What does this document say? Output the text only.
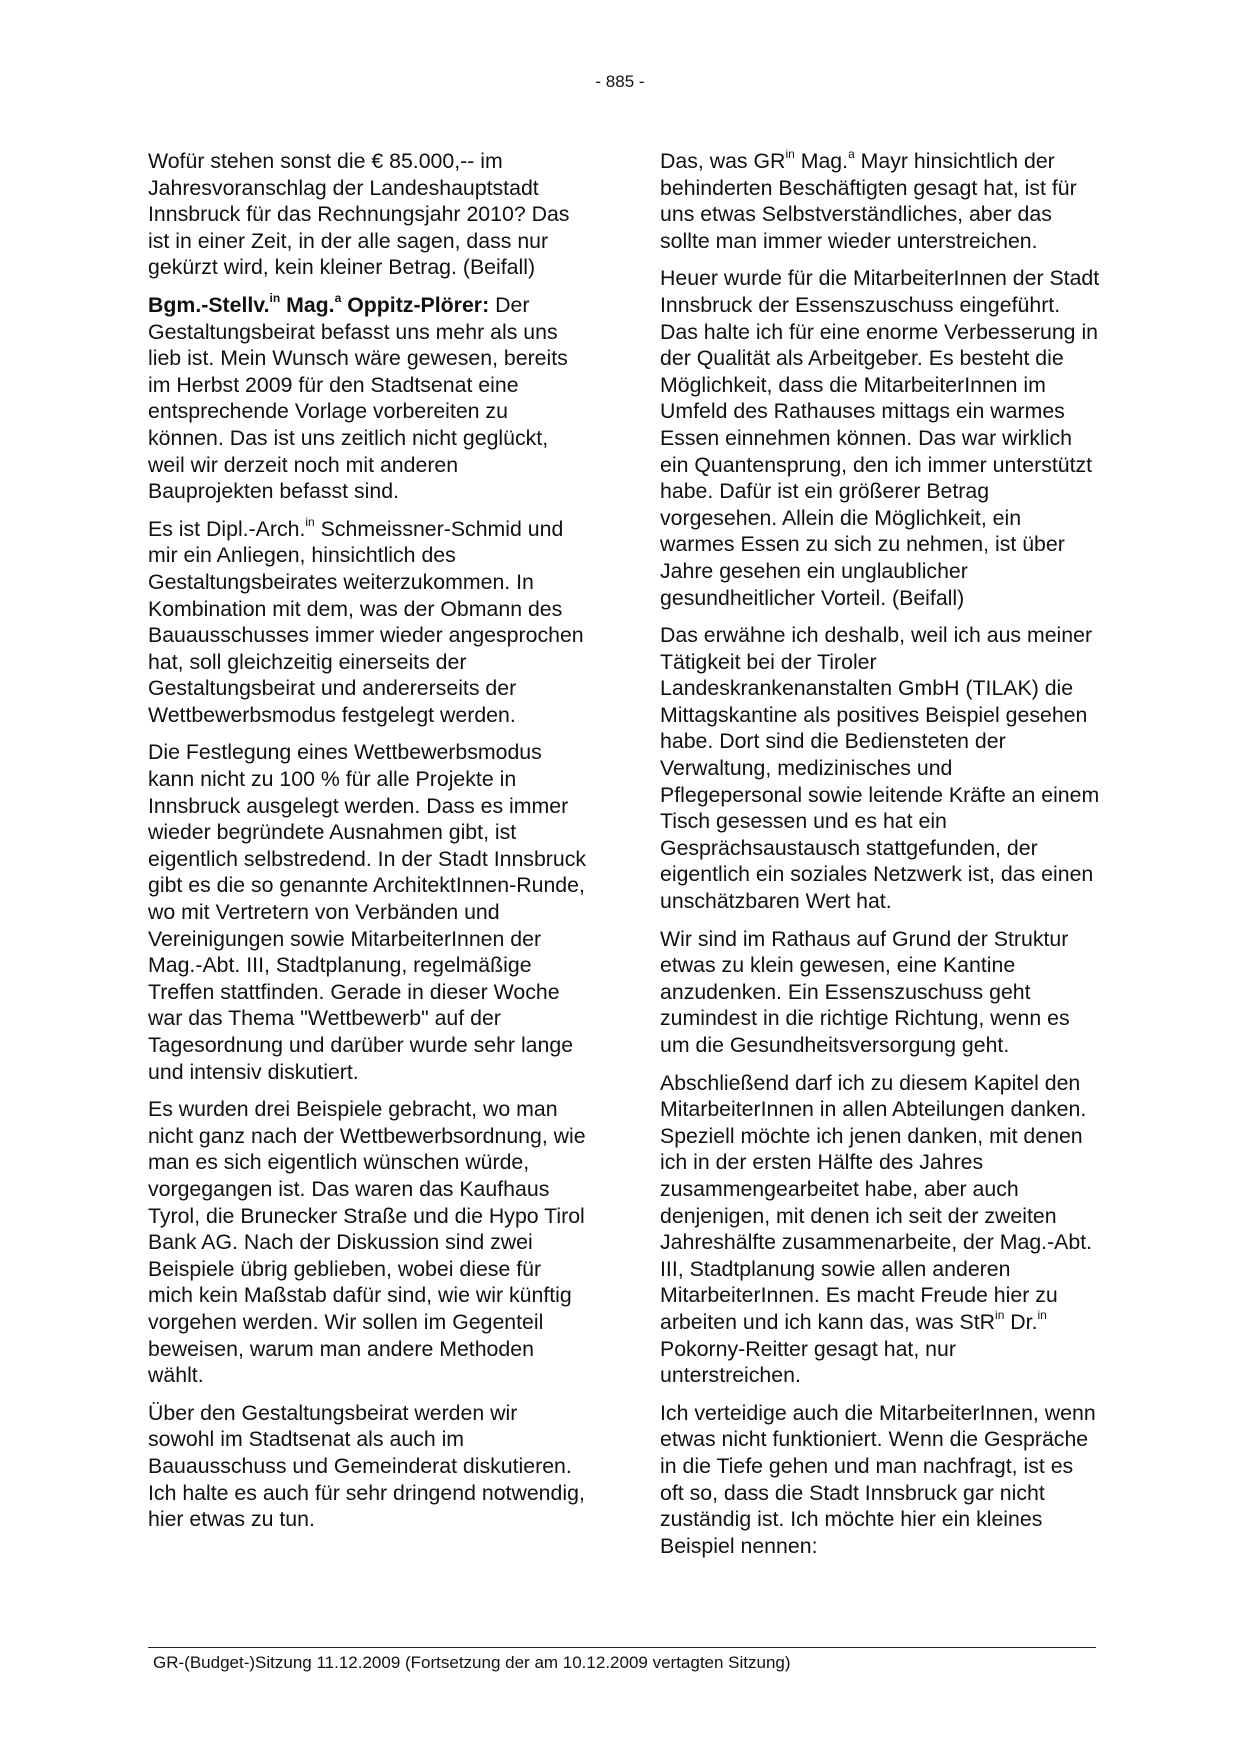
- 885 -

Wofür stehen sonst die € 85.000,-- im Jahresvoranschlag der Landeshauptstadt Innsbruck für das Rechnungsjahr 2010? Das ist in einer Zeit, in der alle sagen, dass nur gekürzt wird, kein kleiner Betrag. (Beifall)

Bgm.-Stellv.$^{in}$ Mag.$^a$ Oppitz-Plörer: Der Gestaltungsbeirat befasst uns mehr als uns lieb ist. Mein Wunsch wäre gewesen, bereits im Herbst 2009 für den Stadtsenat eine entsprechende Vorlage vorbereiten zu können. Das ist uns zeitlich nicht geglückt, weil wir derzeit noch mit anderen Bauprojekten befasst sind.

Es ist Dipl.-Arch.$^{in}$ Schmeissner-Schmid und mir ein Anliegen, hinsichtlich des Gestaltungsbeirates weiterzukommen. In Kombination mit dem, was der Obmann des Bauausschusses immer wieder angesprochen hat, soll gleichzeitig einerseits der Gestaltungsbeirat und andererseits der Wettbewerbsmodus festgelegt werden.

Die Festlegung eines Wettbewerbsmodus kann nicht zu 100 % für alle Projekte in Innsbruck ausgelegt werden. Dass es immer wieder begründete Ausnahmen gibt, ist eigentlich selbstredend. In der Stadt Innsbruck gibt es die so genannte ArchitektInnen-Runde, wo mit Vertretern von Verbänden und Vereinigungen sowie MitarbeiterInnen der Mag.-Abt. III, Stadtplanung, regelmäßige Treffen stattfinden. Gerade in dieser Woche war das Thema "Wettbewerb" auf der Tagesordnung und darüber wurde sehr lange und intensiv diskutiert.

Es wurden drei Beispiele gebracht, wo man nicht ganz nach der Wettbewerbsordnung, wie man es sich eigentlich wünschen würde, vorgegangen ist. Das waren das Kaufhaus Tyrol, die Brunecker Straße und die Hypo Tirol Bank AG. Nach der Diskussion sind zwei Beispiele übrig geblieben, wobei diese für mich kein Maßstab dafür sind, wie wir künftig vorgehen werden. Wir sollen im Gegenteil beweisen, warum man andere Methoden wählt.

Über den Gestaltungsbeirat werden wir sowohl im Stadtsenat als auch im Bauausschuss und Gemeinderat diskutieren. Ich halte es auch für sehr dringend notwendig, hier etwas zu tun.

Das, was $GR^{in}$ Mag.$^a$ Mayr hinsichtlich der behinderten Beschäftigten gesagt hat, ist für uns etwas Selbstverständliches, aber das sollte man immer wieder unterstreichen.

Heuer wurde für die MitarbeiterInnen der Stadt Innsbruck der Essenszuschuss eingeführt. Das halte ich für eine enorme Verbesserung in der Qualität als Arbeitgeber. Es besteht die Möglichkeit, dass die MitarbeiterInnen im Umfeld des Rathauses mittags ein warmes Essen einnehmen können. Das war wirklich ein Quantensprung, den ich immer unterstützt habe. Dafür ist ein größerer Betrag vorgesehen. Allein die Möglichkeit, ein warmes Essen zu sich zu nehmen, ist über Jahre gesehen ein unglaublicher gesundheitlicher Vorteil. (Beifall)

Das erwähne ich deshalb, weil ich aus meiner Tätigkeit bei der Tiroler Landeskrankenanstalten GmbH (TILAK) die Mittagskantine als positives Beispiel gesehen habe. Dort sind die Bediensteten der Verwaltung, medizinisches und Pflegepersonal sowie leitende Kräfte an einem Tisch gesessen und es hat ein Gesprächsaustausch stattgefunden, der eigentlich ein soziales Netzwerk ist, das einen unschätzbaren Wert hat.

Wir sind im Rathaus auf Grund der Struktur etwas zu klein gewesen, eine Kantine anzudenken. Ein Essenszuschuss geht zumindest in die richtige Richtung, wenn es um die Gesundheitsversorgung geht.

Abschließend darf ich zu diesem Kapitel den MitarbeiterInnen in allen Abteilungen danken. Speziell möchte ich jenen danken, mit denen ich in der ersten Hälfte des Jahres zusammengearbeitet habe, aber auch denjenigen, mit denen ich seit der zweiten Jahreshälfte zusammenarbeite, der Mag.-Abt. III, Stadtplanung sowie allen anderen MitarbeiterInnen. Es macht Freude hier zu arbeiten und ich kann das, was StR$^{in}$ Dr.$^{in}$ Pokorny-Reitter gesagt hat, nur unterstreichen.

Ich verteidige auch die MitarbeiterInnen, wenn etwas nicht funktioniert. Wenn die Gespräche in die Tiefe gehen und man nachfragt, ist es oft so, dass die Stadt Innsbruck gar nicht zuständig ist. Ich möchte hier ein kleines Beispiel nennen:

GR-(Budget-)Sitzung 11.12.2009 (Fortsetzung der am 10.12.2009 vertagten Sitzung)
